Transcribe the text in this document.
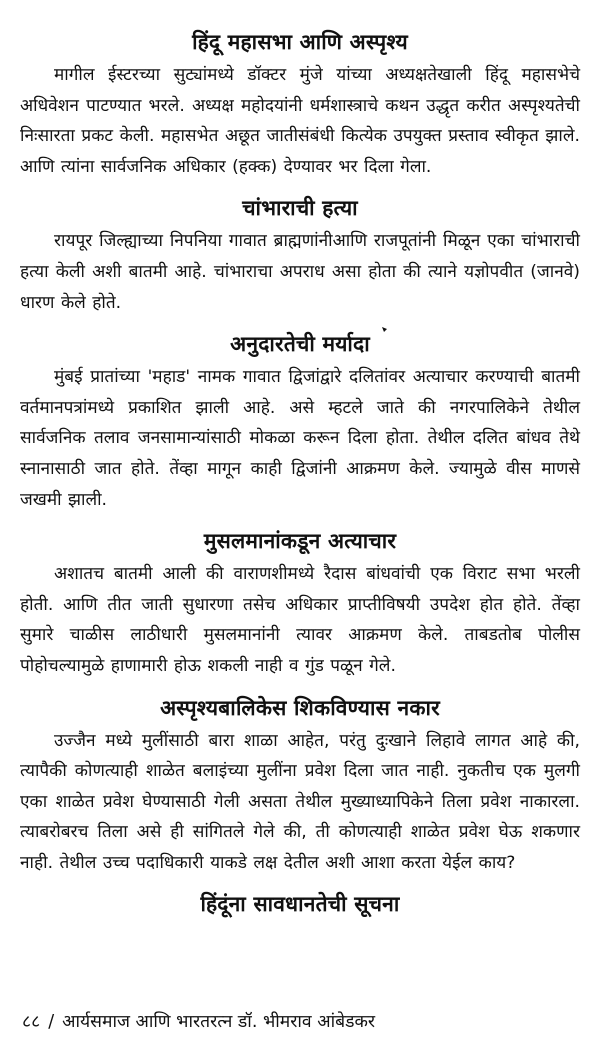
हिंदू महासभा आणि अस्पृश्य

मागील ईस्टरच्या सुट्यांमध्ये डॉक्टर मुंजे यांच्या अध्यक्षतेखाली हिंदू महासभेचे अधिवेशन पाटण्यात भरले. अध्यक्ष महोदयांनी धर्मशास्त्राचे कथन उद्धृत करीत अस्पृश्यतेची निःसारता प्रकट केली. महासभेत अछूत जातीसंबंधी कित्येक उपयुक्त प्रस्ताव स्वीकृत झाले. आणि त्यांना सार्वजनिक अधिकार (हक्क) देण्यावर भर दिला गेला.

चांभाराची हत्या

रायपूर जिल्ह्याच्या निपनिया गावात ब्राह्मणांनीआणि राजपूतांनी मिळून एका चांभाराची हत्या केली अशी बातमी आहे. चांभाराचा अपराध असा होता की त्याने यज्ञोपवीत (जानवे) धारण केले होते.

अनुदारतेची मर्यादा

मुंबई प्रातांच्या 'महाड' नामक गावात द्विजांद्वारे दलितांवर अत्याचार करण्याची बातमी वर्तमानपत्रांमध्ये प्रकाशित झाली आहे. असे म्हटले जाते की नगरपालिकेने तेथील सार्वजनिक तलाव जनसामान्यांसाठी मोकळा करून दिला होता. तेथील दलित बांधव तेथे स्नानासाठी जात होते. तेंव्हा मागून काही द्विजांनी आक्रमण केले. ज्यामुळे वीस माणसे जखमी झाली.

मुसलमानांकडून अत्याचार

अशातच बातमी आली की वाराणशीमध्ये रैदास बांधवांची एक विराट सभा भरली होती. आणि तीत जाती सुधारणा तसेच अधिकार प्राप्तीविषयी उपदेश होत होते. तेंव्हा सुमारे चाळीस लाठीधारी मुसलमानांनी त्यावर आक्रमण केले. ताबडतोब पोलीस पोहोचल्यामुळे हाणामारी होऊ शकली नाही व गुंड पळून गेले.

अस्पृश्यबालिकेस शिकविण्यास नकार

उज्जैन मध्ये मुलींसाठी बारा शाळा आहेत, परंतु दुःखाने लिहावे लागत आहे की, त्यापैकी कोणत्याही शाळेत बलाइंच्या मुलींना प्रवेश दिला जात नाही. नुकतीच एक मुलगी एका शाळेत प्रवेश घेण्यासाठी गेली असता तेथील मुख्याध्यापिकेने तिला प्रवेश नाकारला. त्याबरोबरच तिला असे ही सांगितले गेले की, ती कोणत्याही शाळेत प्रवेश घेऊ शकणार नाही. तेथील उच्च पदाधिकारी याकडे लक्ष देतील अशी आशा करता येईल काय?

हिंदूंना सावधानतेची सूचना
८८ / आर्यसमाज आणि भारतरत्न डॉ. भीमराव आंबेडकर
